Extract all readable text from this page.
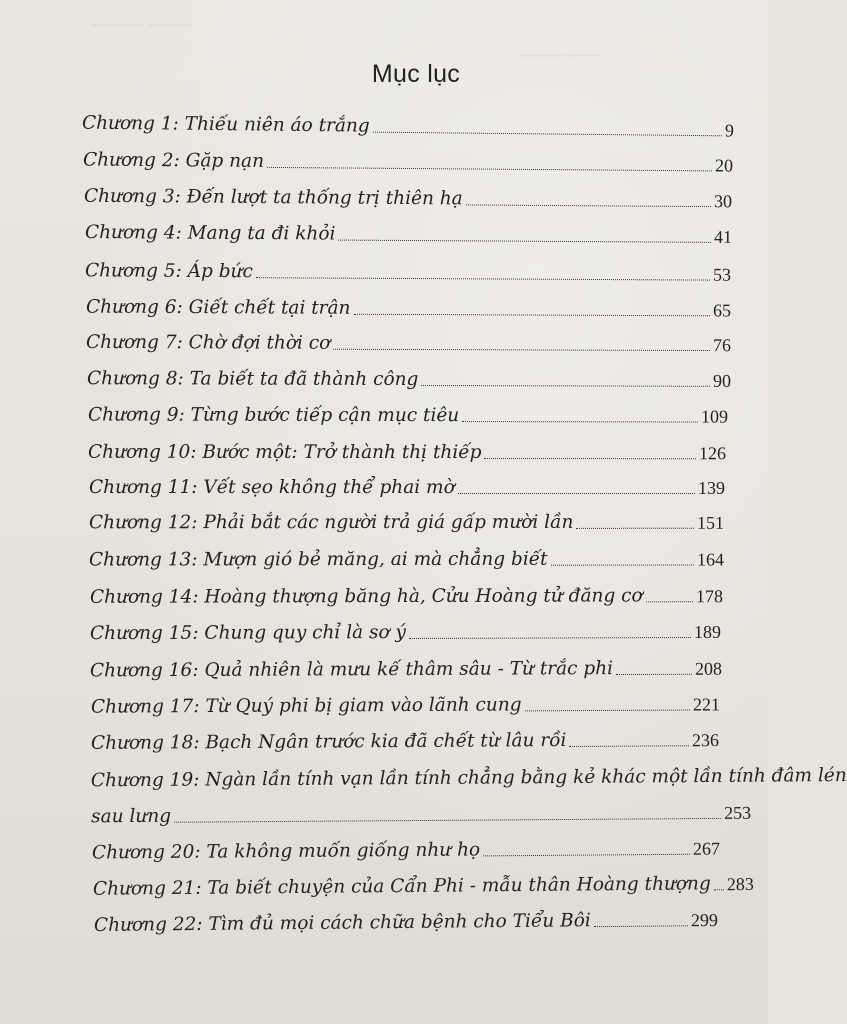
▁▁▁▁ ▁▁▁▁▁
▁▁▁ ▁▁▁▁
Mục lục
Chương 1: Thiếu niên áo trắng	9
Chương 2: Gặp nạn	20
Chương 3: Đến lượt ta thống trị thiên hạ	30
Chương 4: Mang ta đi khỏi	41
Chương 5: Áp bức	53
Chương 6: Giết chết tại trận	65
Chương 7: Chờ đợi thời cơ	76
Chương 8: Ta biết ta đã thành công	90
Chương 9: Từng bước tiếp cận mục tiêu	109
Chương 10: Bước một: Trở thành thị thiếp	126
Chương 11: Vết sẹo không thể phai mờ	139
Chương 12: Phải bắt các người trả giá gấp mười lần	151
Chương 13: Mượn gió bẻ măng, ai mà chẳng biết	164
Chương 14: Hoàng thượng băng hà, Cửu Hoàng tử đăng cơ	178
Chương 15: Chung quy chỉ là sơ ý	189
Chương 16: Quả nhiên là mưu kế thâm sâu - Từ trắc phi	208
Chương 17: Từ Quý phi bị giam vào lãnh cung	221
Chương 18: Bạch Ngân trước kia đã chết từ lâu rồi	236
Chương 19: Ngàn lần tính vạn lần tính chẳng bằng kẻ khác một lần tính đâm lén
sau lưng	253
Chương 20: Ta không muốn giống như họ	267
Chương 21: Ta biết chuyện của Cẩn Phi - mẫu thân Hoàng thượng 283
Chương 22: Tìm đủ mọi cách chữa bệnh cho Tiểu Bôi	299
